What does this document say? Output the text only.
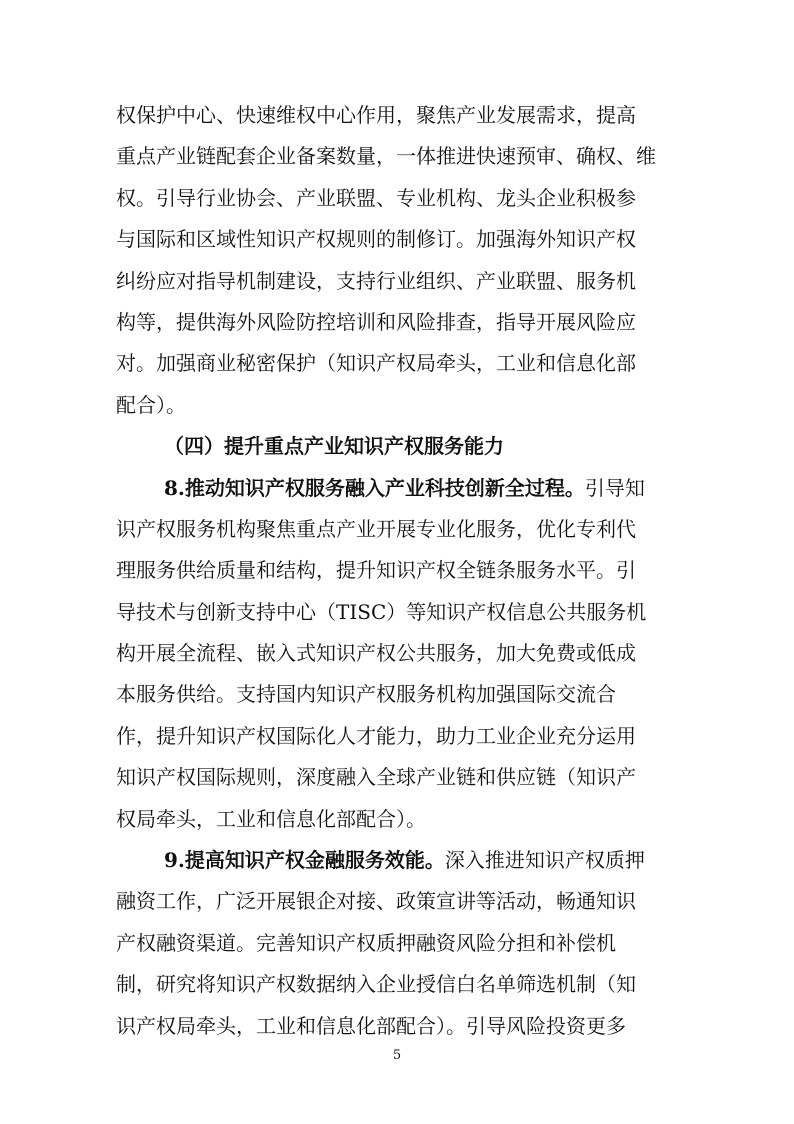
权保护中心、快速维权中心作用，聚焦产业发展需求，提高
重点产业链配套企业备案数量，一体推进快速预审、确权、维
权。引导行业协会、产业联盟、专业机构、龙头企业积极参
与国际和区域性知识产权规则的制修订。加强海外知识产权
纠纷应对指导机制建设，支持行业组织、产业联盟、服务机
构等，提供海外风险防控培训和风险排查，指导开展风险应
对。加强商业秘密保护（知识产权局牵头，工业和信息化部
配合）。
（四）提升重点产业知识产权服务能力
8.推动知识产权服务融入产业科技创新全过程。引导知
识产权服务机构聚焦重点产业开展专业化服务，优化专利代
理服务供给质量和结构，提升知识产权全链条服务水平。引
导技术与创新支持中心（TISC）等知识产权信息公共服务机
构开展全流程、嵌入式知识产权公共服务，加大免费或低成
本服务供给。支持国内知识产权服务机构加强国际交流合
作，提升知识产权国际化人才能力，助力工业企业充分运用
知识产权国际规则，深度融入全球产业链和供应链（知识产
权局牵头，工业和信息化部配合）。
9.提高知识产权金融服务效能。深入推进知识产权质押
融资工作，广泛开展银企对接、政策宣讲等活动，畅通知识
产权融资渠道。完善知识产权质押融资风险分担和补偿机
制，研究将知识产权数据纳入企业授信白名单筛选机制（知
识产权局牵头，工业和信息化部配合）。引导风险投资更多
5
